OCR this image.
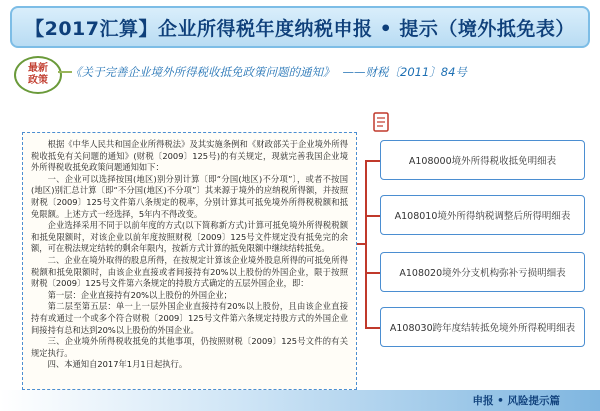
【2017汇算】企业所得税年度纳税申报 • 提示（境外抵免表）
最新
政策
《关于完善企业境外所得税收抵免政策问题的通知》 ——财税〔2011〕84号

根据《中华人民共和国企业所得税法》及其实施条例和《财政部关于企业境外所得税收抵免有关问题的通知》(财税〔2009〕125号)的有关规定，现就完善我国企业境外所得税收抵免政策问题通知如下：

一、企业可以选择按国(地区)别分别计算〔即“分国(地区)不分项”〕，或者不按国(地区)别汇总计算〔即“不分国(地区)不分项”〕其来源于境外的应纳税所得额，并按照财税〔2009〕125号文件第八条规定的税率，分别计算其可抵免境外所得税税额和抵免限额。上述方式一经选择，5年内不得改变。

企业选择采用不同于以前年度的方式(以下简称新方式)计算可抵免境外所得税税额和抵免限额时，对该企业以前年度按照财税〔2009〕125号文件规定没有抵免完的余额，可在税法规定结转的剩余年限内，按新方式计算的抵免限额中继续结转抵免。

二、企业在境外取得的股息所得，在按规定计算该企业境外股息所得的可抵免所得税额和抵免限额时，由该企业直接或者间接持有20%以上股份的外国企业，限于按照财税〔2009〕125号文件第六条规定的持股方式确定的五层外国企业，即：

第一层：企业直接持有20%以上股份的外国企业；

第二层至第五层：单一上一层外国企业直接持有20%以上股份，且由该企业直接持有或通过一个或多个符合财税〔2009〕125号文件第六条规定持股方式的外国企业间接持有总和达到20%以上股份的外国企业。

三、企业境外所得税收抵免的其他事项，仍按照财税〔2009〕125号文件的有关规定执行。

四、本通知自2017年1月1日起执行。

A108000境外所得税收抵免明细表
A108010境外所得纳税调整后所得明细表
A108020境外分支机构弥补亏损明细表
A108030跨年度结转抵免境外所得税明细表
申报 • 风险提示篇
